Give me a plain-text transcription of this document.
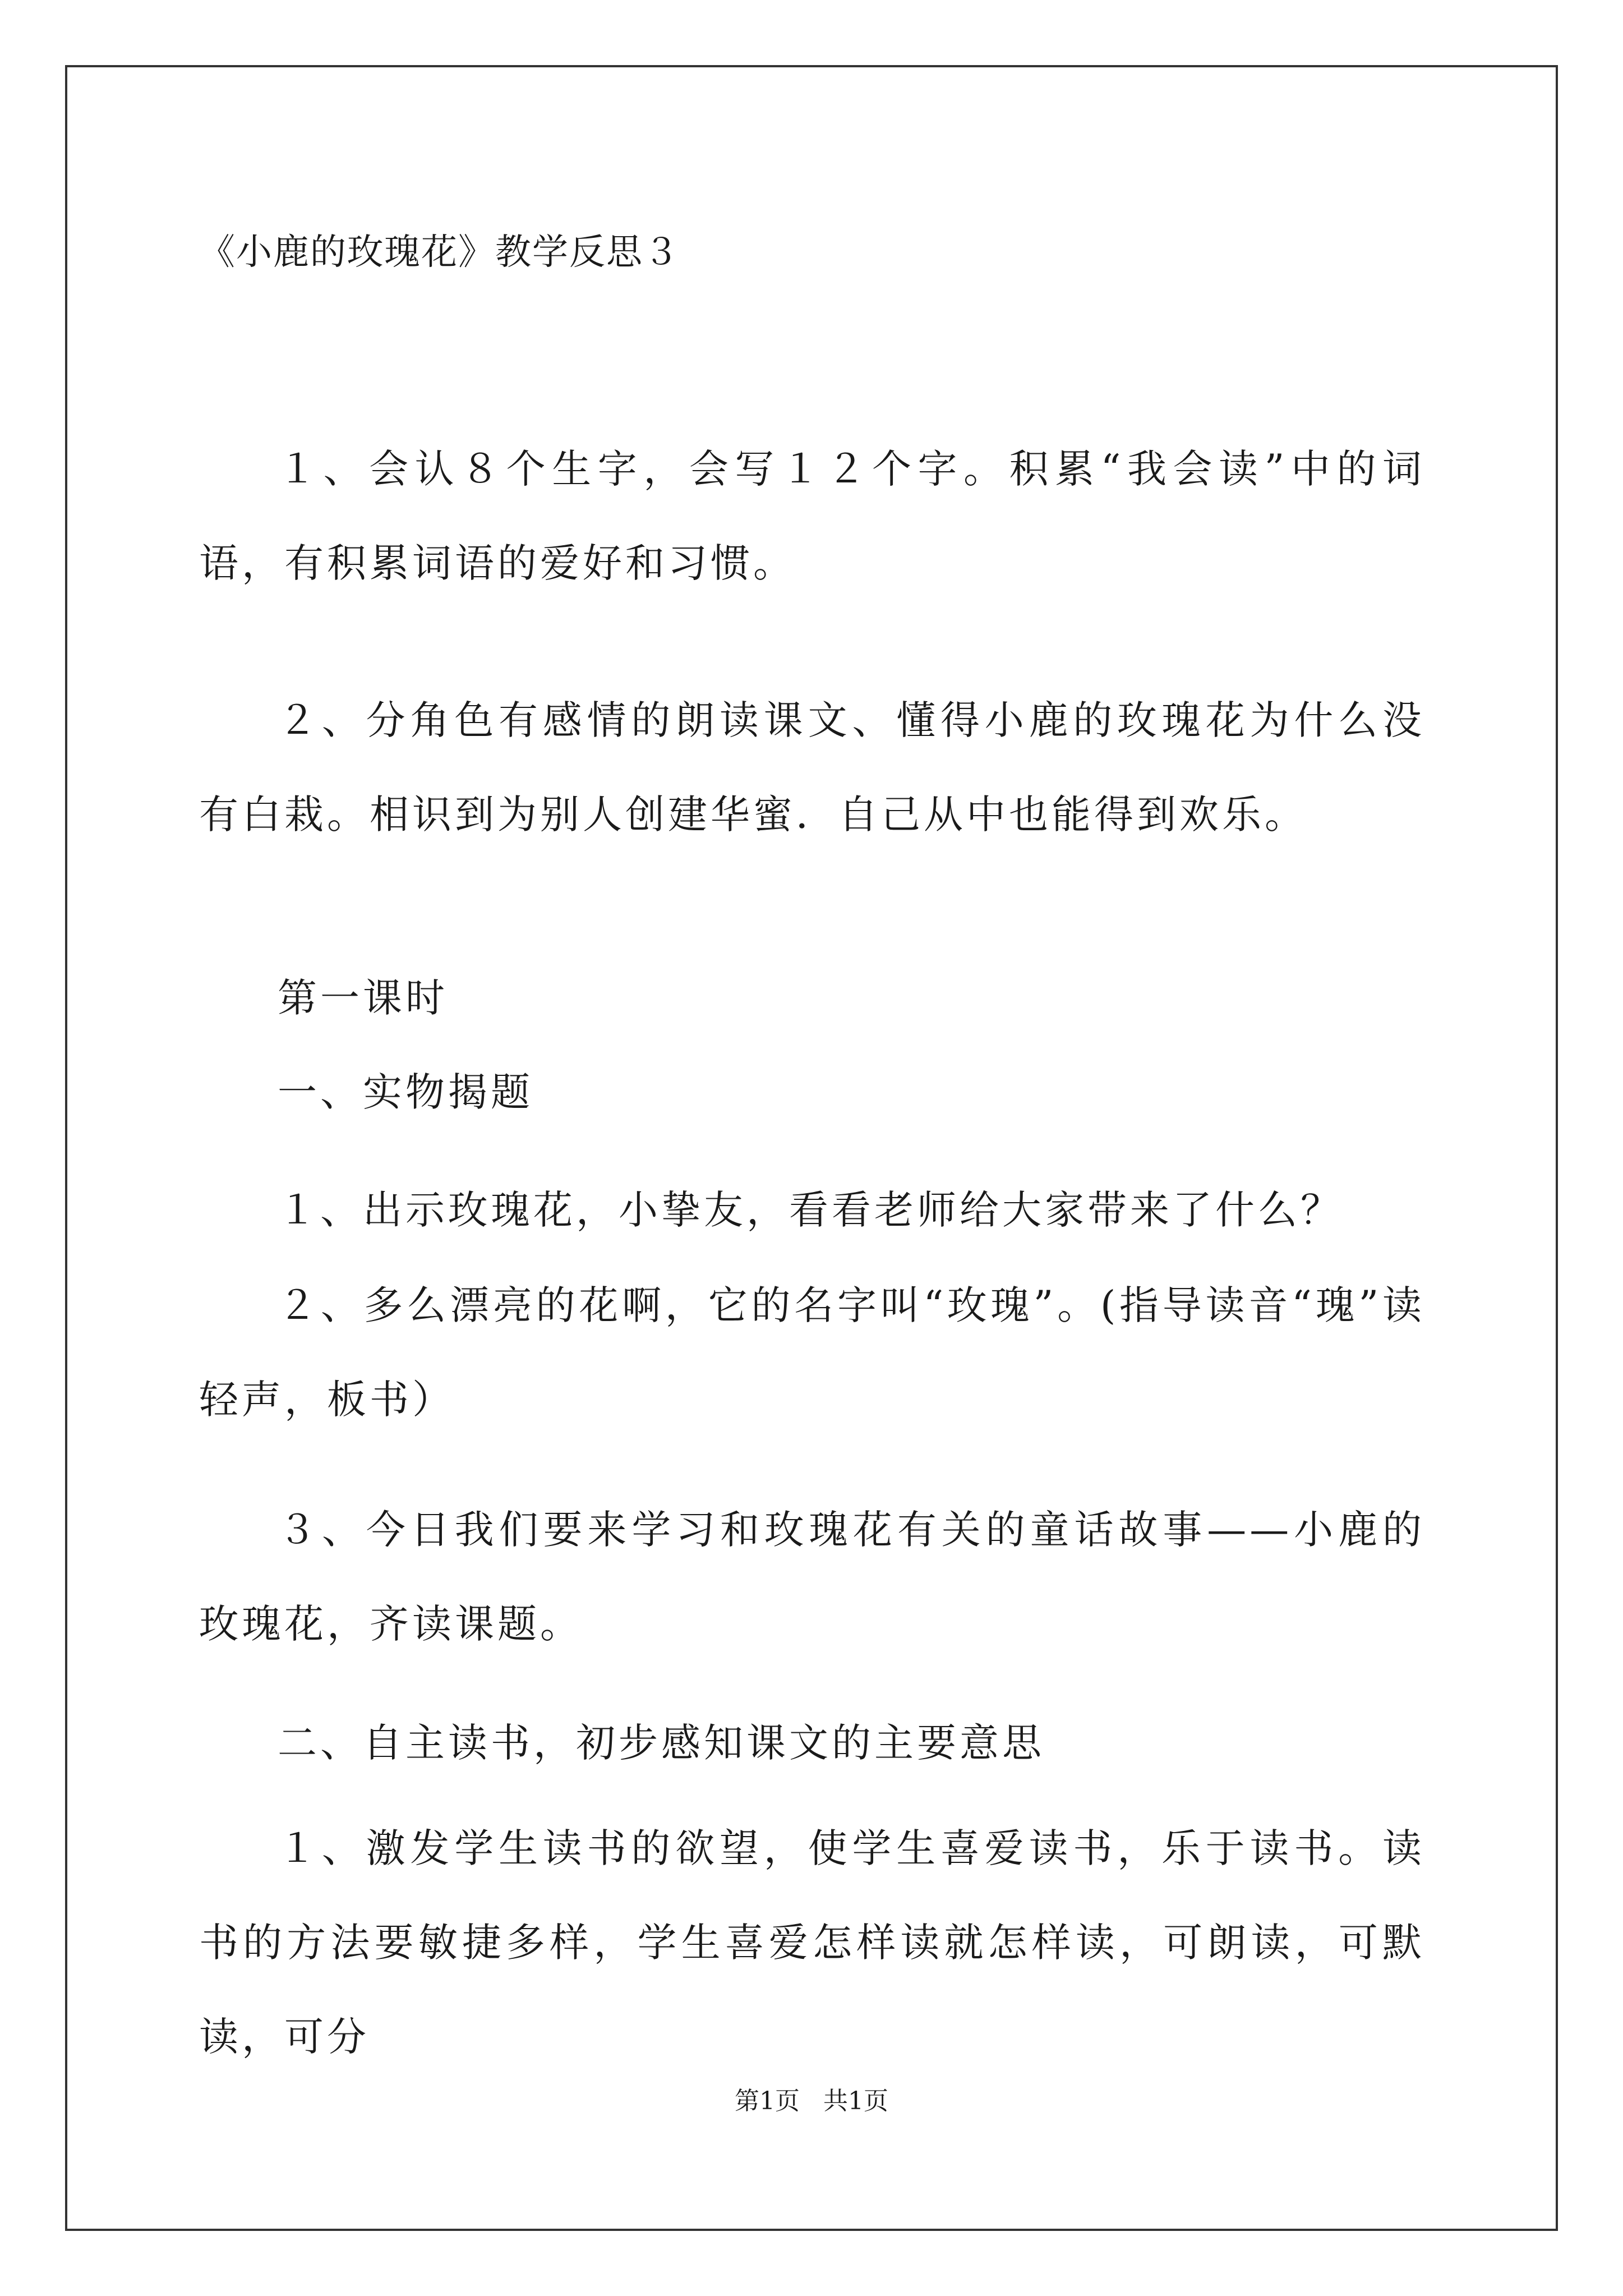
《小鹿的玫瑰花》教学反思３
１、会认８个生字，会写１２个字。积累“我会读”中的词语，有积累词语的爱好和习惯。
２、分角色有感情的朗读课文、懂得小鹿的玫瑰花为什么没有白栽。相识到为别人创建华蜜．自己从中也能得到欢乐。
第一课时
一、实物揭题
１、出示玫瑰花，小挚友，看看老师给大家带来了什么？
２、多么漂亮的花啊，它的名字叫“玫瑰”。(指导读音“瑰”读轻声，板书）
３、今日我们要来学习和玫瑰花有关的童话故事——小鹿的玫瑰花，齐读课题。
二、自主读书，初步感知课文的主要意思
１、激发学生读书的欲望，使学生喜爱读书，乐于读书。读书的方法要敏捷多样，学生喜爱怎样读就怎样读，可朗读，可默读，可分
第1页   共1页
